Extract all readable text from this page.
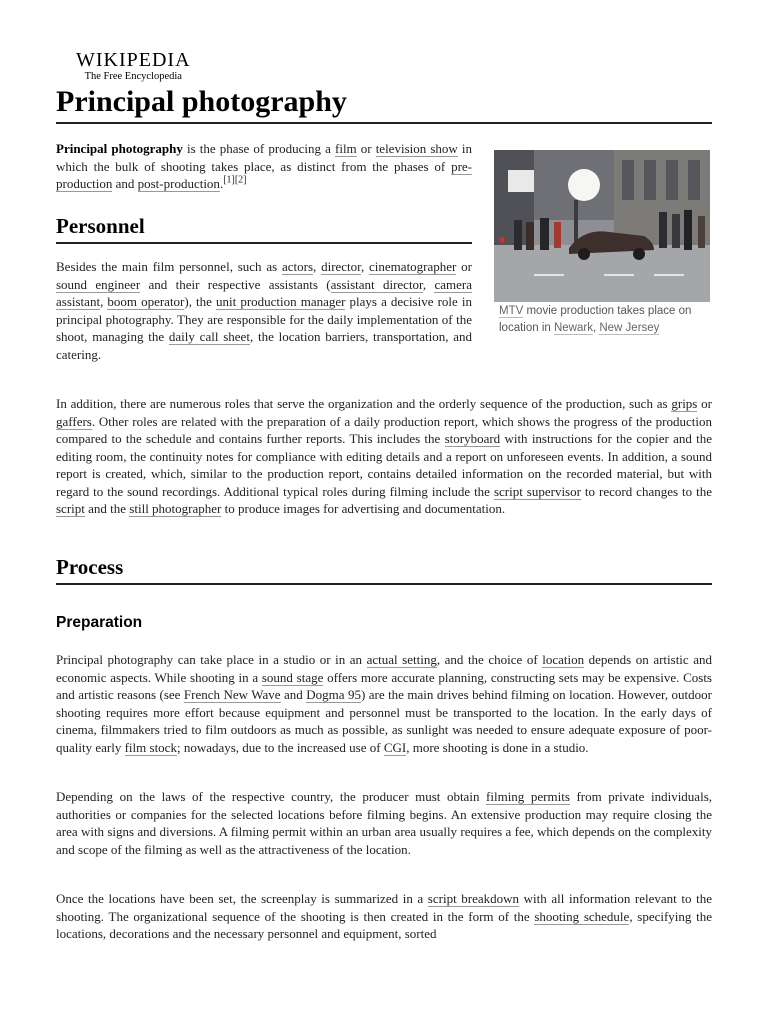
WIKIPEDIA
The Free Encyclopedia
Principal photography

Principal photography is the phase of producing a film or television show in which the bulk of shooting takes place, as distinct from the phases of pre-production and post-production.[1][2]

MTV movie production takes place on location in Newark, New Jersey
Personnel

Besides the main film personnel, such as actors, director, cinematographer or sound engineer and their respective assistants (assistant director, camera assistant, boom operator), the unit production manager plays a decisive role in principal photography. They are responsible for the daily implementation of the shoot, managing the daily call sheet, the location barriers, transportation, and catering.

In addition, there are numerous roles that serve the organization and the orderly sequence of the production, such as grips or gaffers. Other roles are related with the preparation of a daily production report, which shows the progress of the production compared to the schedule and contains further reports. This includes the storyboard with instructions for the copier and the editing room, the continuity notes for compliance with editing details and a report on unforeseen events. In addition, a sound report is created, which, similar to the production report, contains detailed information on the recorded material, but with regard to the sound recordings. Additional typical roles during filming include the script supervisor to record changes to the script and the still photographer to produce images for advertising and documentation.

Process
Preparation

Principal photography can take place in a studio or in an actual setting, and the choice of location depends on artistic and economic aspects. While shooting in a sound stage offers more accurate planning, constructing sets may be expensive. Costs and artistic reasons (see French New Wave and Dogma 95) are the main drives behind filming on location. However, outdoor shooting requires more effort because equipment and personnel must be transported to the location. In the early days of cinema, filmmakers tried to film outdoors as much as possible, as sunlight was needed to ensure adequate exposure of poor-quality early film stock; nowadays, due to the increased use of CGI, more shooting is done in a studio.

Depending on the laws of the respective country, the producer must obtain filming permits from private individuals, authorities or companies for the selected locations before filming begins. An extensive production may require closing the area with signs and diversions. A filming permit within an urban area usually requires a fee, which depends on the complexity and scope of the filming as well as the attractiveness of the location.

Once the locations have been set, the screenplay is summarized in a script breakdown with all information relevant to the shooting. The organizational sequence of the shooting is then created in the form of the shooting schedule, specifying the locations, decorations and the necessary personnel and equipment, sorted
